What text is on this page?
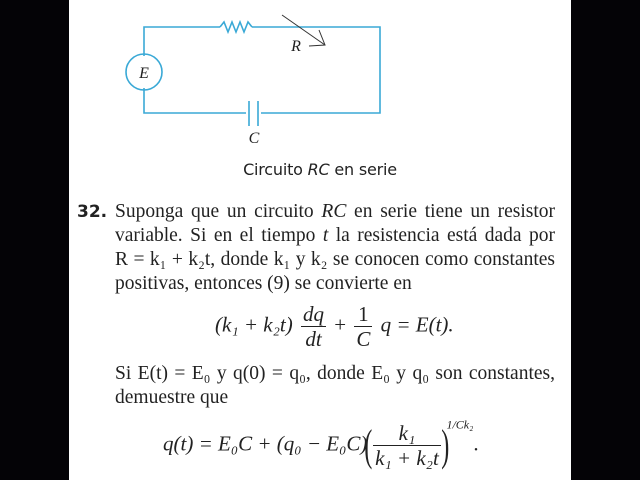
E
R
C
Circuito RC en serie
32. Suponga que un circuito RC en serie tiene un resistor
variable. Si en el tiempo t la resistencia está dada por
R = k₁ + k₂t, donde k₁ y k₂ se conocen como constantes
positivas, entonces (9) se convierte en
$(k_1 + k_2t) \frac{dq}{dt} + \frac{1}{C}$ q = E(t).
Si E(t) = E₀ y q(0) = q₀, donde E₀ y q₀ son constantes,
demuestre que
$q(t) = E_0C + (q_0 - E_0C)( \frac{\text{k₁}}{\text{k₁ + k₂t}} )^{1/Ck_2}$.
